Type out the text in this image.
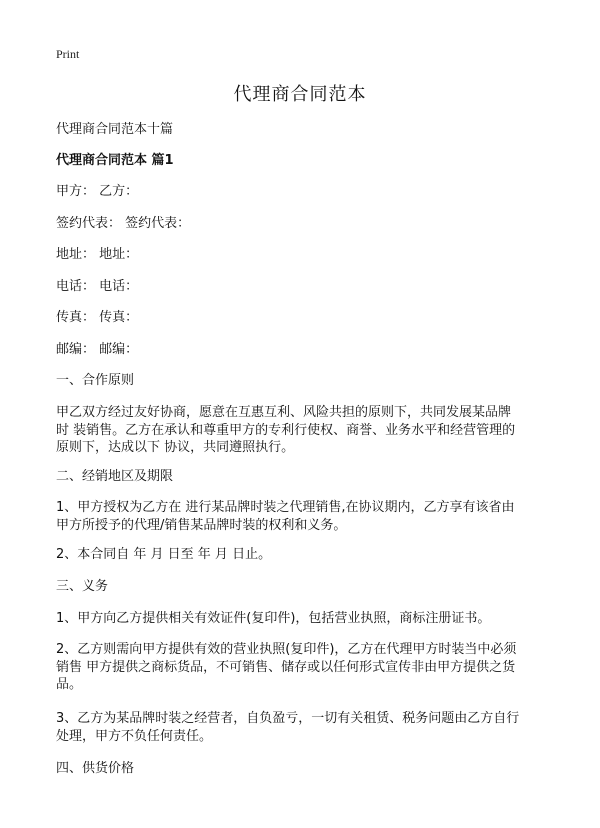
Print
代理商合同范本
代理商合同范本十篇
代理商合同范本 篇1
甲方： 乙方：
签约代表： 签约代表：
地址： 地址：
电话： 电话：
传真： 传真：
邮编： 邮编：
一、合作原则
甲乙双方经过友好协商，愿意在互惠互利、风险共担的原则下，共同发展某品牌
时 装销售。乙方在承认和尊重甲方的专利行使权、商誉、业务水平和经营管理的
原则下，达成以下 协议，共同遵照执行。
二、经销地区及期限
1、甲方授权为乙方在 进行某品牌时装之代理销售,在协议期内，乙方享有该省由
甲方所授予的代理/销售某品牌时装的权利和义务。
2、本合同自 年 月 日至 年 月 日止。
三、义务
1、甲方向乙方提供相关有效证件(复印件)，包括营业执照，商标注册证书。
2、乙方则需向甲方提供有效的营业执照(复印件)，乙方在代理甲方时装当中必须
销售 甲方提供之商标货品，不可销售、储存或以任何形式宣传非由甲方提供之货
品。
3、乙方为某品牌时装之经营者，自负盈亏，一切有关租赁、税务问题由乙方自行
处理，甲方不负任何责任。
四、供货价格
